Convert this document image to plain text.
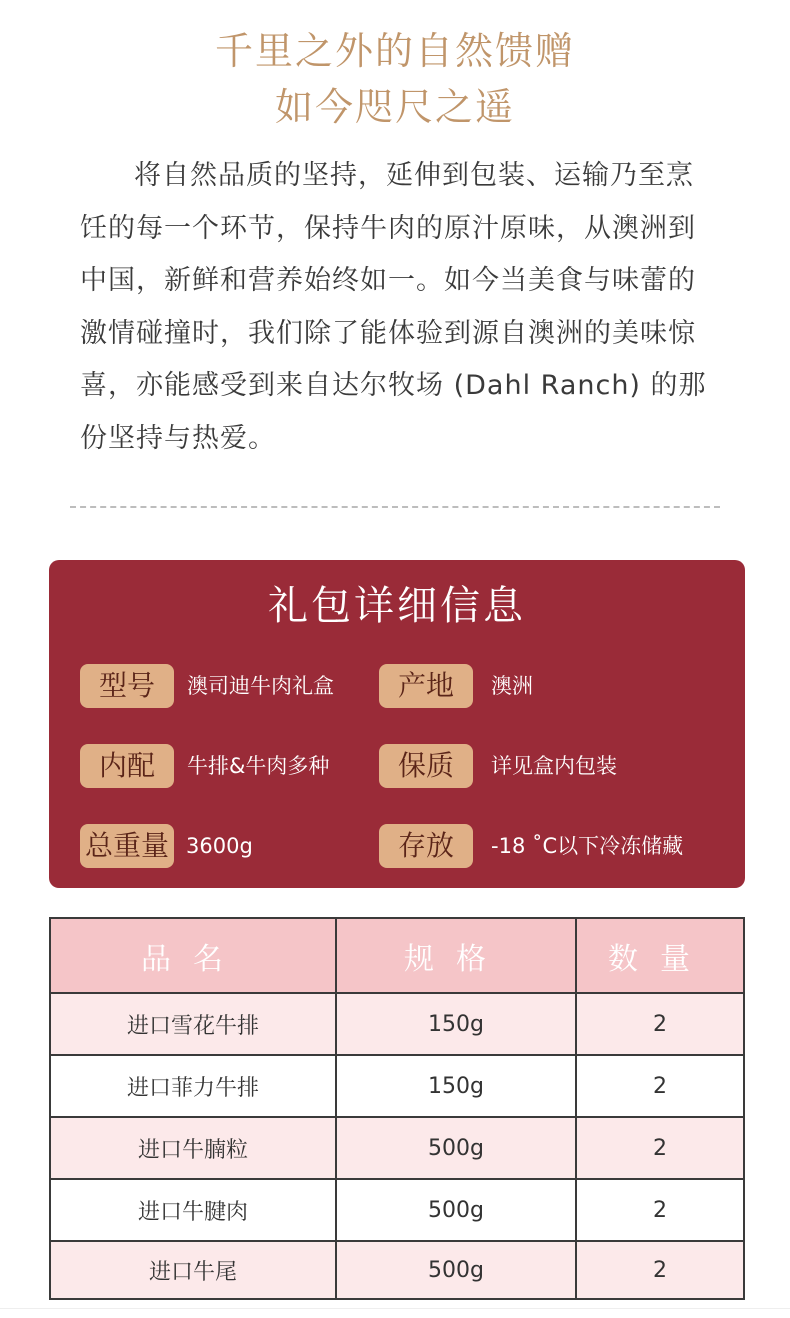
千里之外的自然馈赠
如今咫尺之遥
将自然品质的坚持，延伸到包装、运输乃至烹饪的每一个环节，保持牛肉的原汁原味，从澳洲到中国，新鲜和营养始终如一。如今当美食与味蕾的激情碰撞时，我们除了能体验到源自澳洲的美味惊喜，亦能感受到来自达尔牧场 (Dahl Ranch) 的那份坚持与热爱。
礼包详细信息
型号	澳司迪牛肉礼盒	产地	澳洲
内配	牛排&牛肉多种	保质	详见盒内包装
总重量 3600g	存放	-18 ˚C以下冷冻储藏
品名	规格	数量
进口雪花牛排	150g	2
进口菲力牛排	150g	2
进口牛腩粒	500g	2
进口牛腱肉	500g	2
进口牛尾	500g	2
